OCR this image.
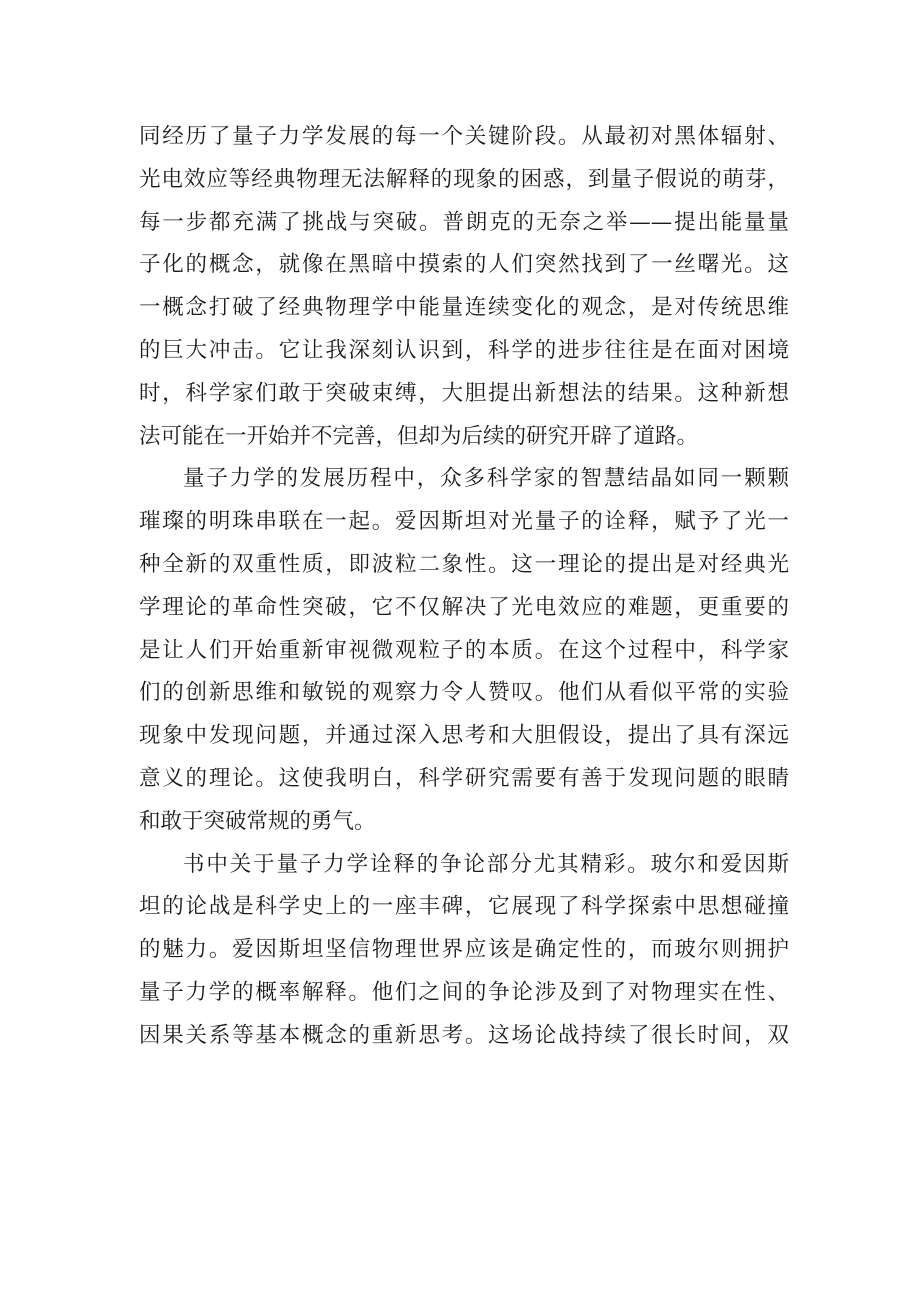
同经历了量子力学发展的每一个关键阶段。从最初对黑体辐射、
光电效应等经典物理无法解释的现象的困惑，到量子假说的萌芽，
每一步都充满了挑战与突破。普朗克的无奈之举——提出能量量
子化的概念，就像在黑暗中摸索的人们突然找到了一丝曙光。这
一概念打破了经典物理学中能量连续变化的观念，是对传统思维
的巨大冲击。它让我深刻认识到，科学的进步往往是在面对困境
时，科学家们敢于突破束缚，大胆提出新想法的结果。这种新想
法可能在一开始并不完善，但却为后续的研究开辟了道路。
量子力学的发展历程中，众多科学家的智慧结晶如同一颗颗
璀璨的明珠串联在一起。爱因斯坦对光量子的诠释，赋予了光一
种全新的双重性质，即波粒二象性。这一理论的提出是对经典光
学理论的革命性突破，它不仅解决了光电效应的难题，更重要的
是让人们开始重新审视微观粒子的本质。在这个过程中，科学家
们的创新思维和敏锐的观察力令人赞叹。他们从看似平常的实验
现象中发现问题，并通过深入思考和大胆假设，提出了具有深远
意义的理论。这使我明白，科学研究需要有善于发现问题的眼睛
和敢于突破常规的勇气。
书中关于量子力学诠释的争论部分尤其精彩。玻尔和爱因斯
坦的论战是科学史上的一座丰碑，它展现了科学探索中思想碰撞
的魅力。爱因斯坦坚信物理世界应该是确定性的，而玻尔则拥护
量子力学的概率解释。他们之间的争论涉及到了对物理实在性、
因果关系等基本概念的重新思考。这场论战持续了很长时间，双
